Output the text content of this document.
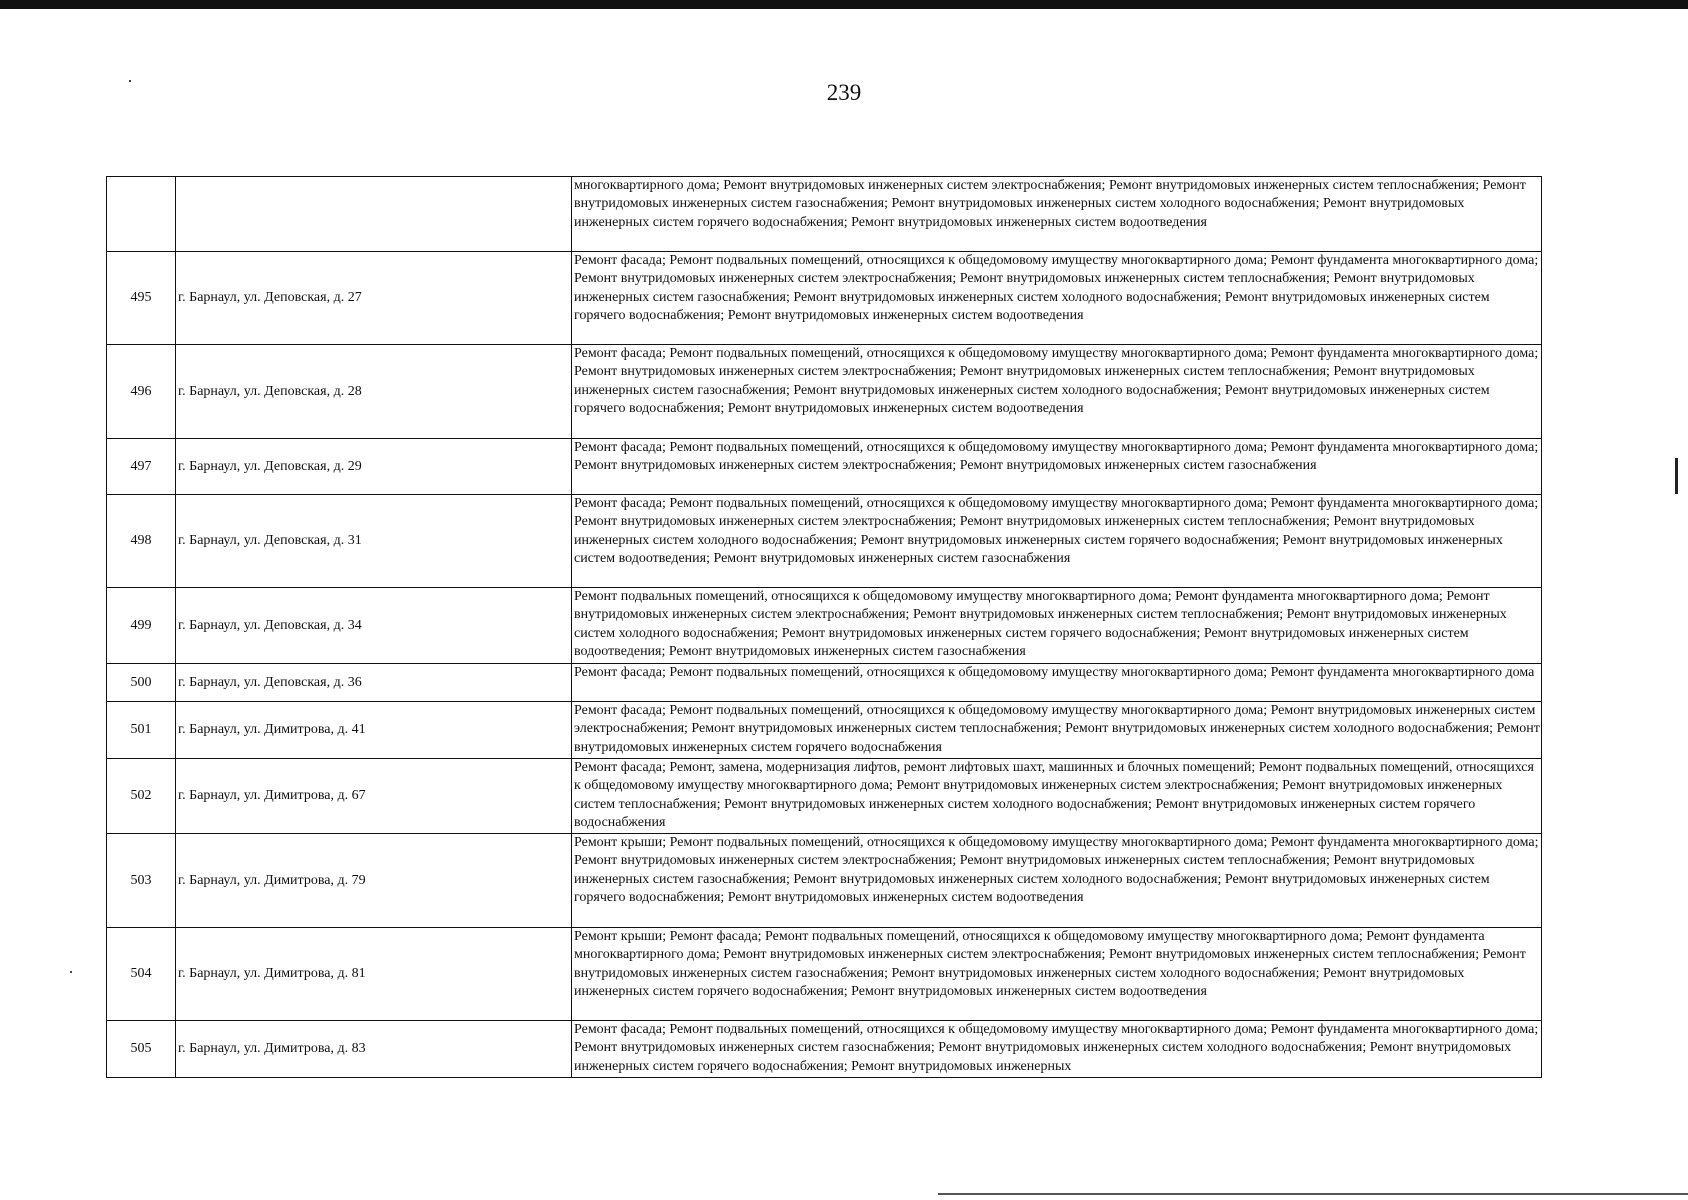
239

		многоквартирного дома; Ремонт внутридомовых инженерных систем электроснабжения; Ремонт внутридомовых инженерных систем теплоснабжения; Ремонт внутридомовых инженерных систем газоснабжения; Ремонт внутридомовых инженерных систем холодного водоснабжения; Ремонт внутридомовых инженерных систем горячего водоснабжения; Ремонт внутридомовых инженерных систем водоотведения

495	г. Барнаул, ул. Деповская, д. 27	Ремонт фасада; Ремонт подвальных помещений, относящихся к общедомовому имуществу многоквартирного дома; Ремонт фундамента многоквартирного дома; Ремонт внутридомовых инженерных систем электроснабжения; Ремонт внутридомовых инженерных систем теплоснабжения; Ремонт внутридомовых инженерных систем газоснабжения; Ремонт внутридомовых инженерных систем холодного водоснабжения; Ремонт внутридомовых инженерных систем горячего водоснабжения; Ремонт внутридомовых инженерных систем водоотведения

496	г. Барнаул, ул. Деповская, д. 28	Ремонт фасада; Ремонт подвальных помещений, относящихся к общедомовому имуществу многоквартирного дома; Ремонт фундамента многоквартирного дома; Ремонт внутридомовых инженерных систем электроснабжения; Ремонт внутридомовых инженерных систем теплоснабжения; Ремонт внутридомовых инженерных систем газоснабжения; Ремонт внутридомовых инженерных систем холодного водоснабжения; Ремонт внутридомовых инженерных систем горячего водоснабжения; Ремонт внутридомовых инженерных систем водоотведения

497	г. Барнаул, ул. Деповская, д. 29	Ремонт фасада; Ремонт подвальных помещений, относящихся к общедомовому имуществу многоквартирного дома; Ремонт фундамента многоквартирного дома; Ремонт внутридомовых инженерных систем электроснабжения; Ремонт внутридомовых инженерных систем газоснабжения

498	г. Барнаул, ул. Деповская, д. 31	Ремонт фасада; Ремонт подвальных помещений, относящихся к общедомовому имуществу многоквартирного дома; Ремонт фундамента многоквартирного дома; Ремонт внутридомовых инженерных систем электроснабжения; Ремонт внутридомовых инженерных систем теплоснабжения; Ремонт внутридомовых инженерных систем холодного водоснабжения; Ремонт внутридомовых инженерных систем горячего водоснабжения; Ремонт внутридомовых инженерных систем водоотведения; Ремонт внутридомовых инженерных систем газоснабжения

499	г. Барнаул, ул. Деповская, д. 34	Ремонт подвальных помещений, относящихся к общедомовому имуществу многоквартирного дома; Ремонт фундамента многоквартирного дома; Ремонт внутридомовых инженерных систем электроснабжения; Ремонт внутридомовых инженерных систем теплоснабжения; Ремонт внутридомовых инженерных систем холодного водоснабжения; Ремонт внутридомовых инженерных систем горячего водоснабжения; Ремонт внутридомовых инженерных систем водоотведения; Ремонт внутридомовых инженерных систем газоснабжения

500	г. Барнаул, ул. Деповская, д. 36	Ремонт фасада; Ремонт подвальных помещений, относящихся к общедомовому имуществу многоквартирного дома; Ремонт фундамента многоквартирного дома

501	г. Барнаул, ул. Димитрова, д. 41	Ремонт фасада; Ремонт подвальных помещений, относящихся к общедомовому имуществу многоквартирного дома; Ремонт внутридомовых инженерных систем электроснабжения; Ремонт внутридомовых инженерных систем теплоснабжения; Ремонт внутридомовых инженерных систем холодного водоснабжения; Ремонт внутридомовых инженерных систем горячего водоснабжения

502	г. Барнаул, ул. Димитрова, д. 67	Ремонт фасада; Ремонт, замена, модернизация лифтов, ремонт лифтовых шахт, машинных и блочных помещений; Ремонт подвальных помещений, относящихся к общедомовому имуществу многоквартирного дома; Ремонт внутридомовых инженерных систем электроснабжения; Ремонт внутридомовых инженерных систем теплоснабжения; Ремонт внутридомовых инженерных систем холодного водоснабжения; Ремонт внутридомовых инженерных систем горячего водоснабжения

503	г. Барнаул, ул. Димитрова, д. 79	Ремонт крыши; Ремонт подвальных помещений, относящихся к общедомовому имуществу многоквартирного дома; Ремонт фундамента многоквартирного дома; Ремонт внутридомовых инженерных систем электроснабжения; Ремонт внутридомовых инженерных систем теплоснабжения; Ремонт внутридомовых инженерных систем газоснабжения; Ремонт внутридомовых инженерных систем холодного водоснабжения; Ремонт внутридомовых инженерных систем горячего водоснабжения; Ремонт внутридомовых инженерных систем водоотведения

504	г. Барнаул, ул. Димитрова, д. 81	Ремонт крыши; Ремонт фасада; Ремонт подвальных помещений, относящихся к общедомовому имуществу многоквартирного дома; Ремонт фундамента многоквартирного дома; Ремонт внутридомовых инженерных систем электроснабжения; Ремонт внутридомовых инженерных систем теплоснабжения; Ремонт внутридомовых инженерных систем газоснабжения; Ремонт внутридомовых инженерных систем холодного водоснабжения; Ремонт внутридомовых инженерных систем горячего водоснабжения; Ремонт внутридомовых инженерных систем водоотведения

505	г. Барнаул, ул. Димитрова, д. 83	Ремонт фасада; Ремонт подвальных помещений, относящихся к общедомовому имуществу многоквартирного дома; Ремонт фундамента многоквартирного дома; Ремонт внутридомовых инженерных систем газоснабжения; Ремонт внутридомовых инженерных систем холодного водоснабжения; Ремонт внутридомовых инженерных систем горячего водоснабжения; Ремонт внутридомовых инженерных
